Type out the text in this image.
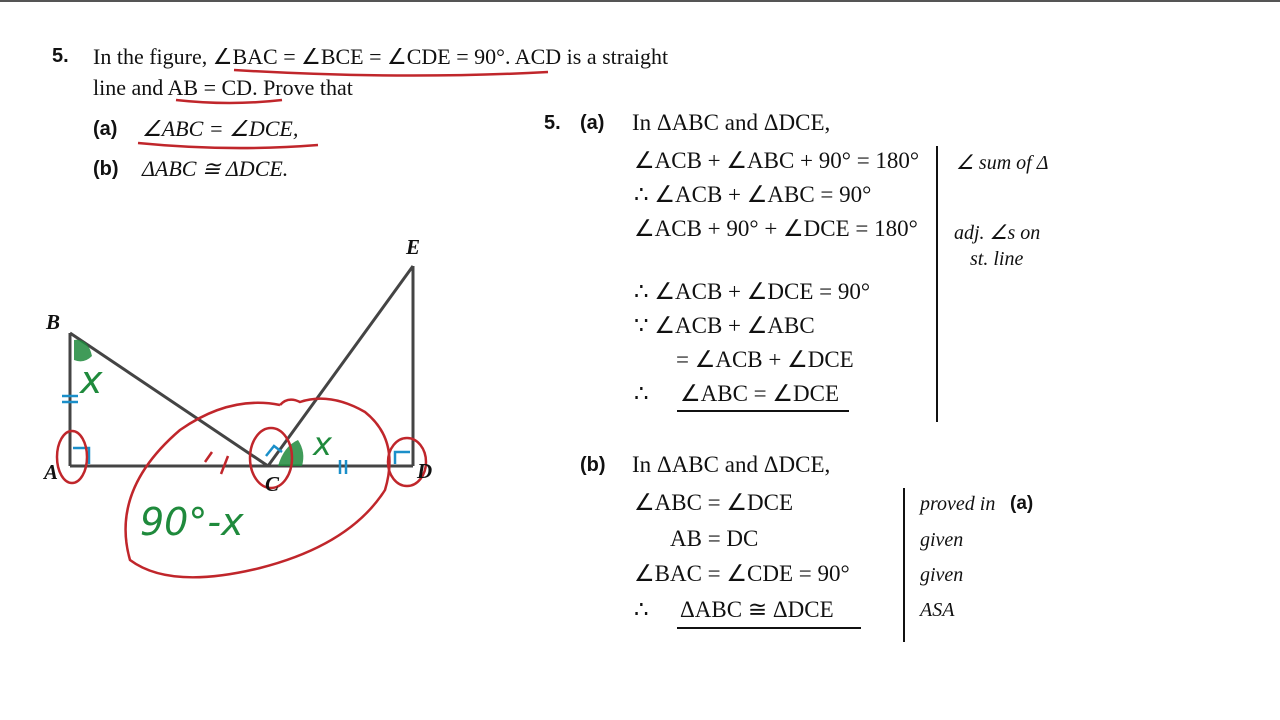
5. In the figure, ∠BAC = ∠BCE = ∠CDE = 90°. ACD is a straight
line and AB = CD. Prove that
(a) ∠ABC = ∠DCE,
(b) ΔABC ≅ ΔDCE.
B
A	C
D
E
x
x
90°-x
5. (a) In ΔABC and ΔDCE,
∠ACB + ∠ABC + 90° = 180°
∴ ∠ACB + ∠ABC = 90°
∠ACB + 90° + ∠DCE = 180°
∴ ∠ACB + ∠DCE = 90°
∵ ∠ACB + ∠ABC
= ∠ACB + ∠DCE
∴ ∠ABC = ∠DCE
∠ sum of Δ
adj. ∠s on
st. line
(b) In ΔABC and ΔDCE,
∠ABC = ∠DCE
AB = DC
∠BAC = ∠CDE = 90°
∴ ΔABC ≅ ΔDCE
proved in (a)
given
given
ASA
